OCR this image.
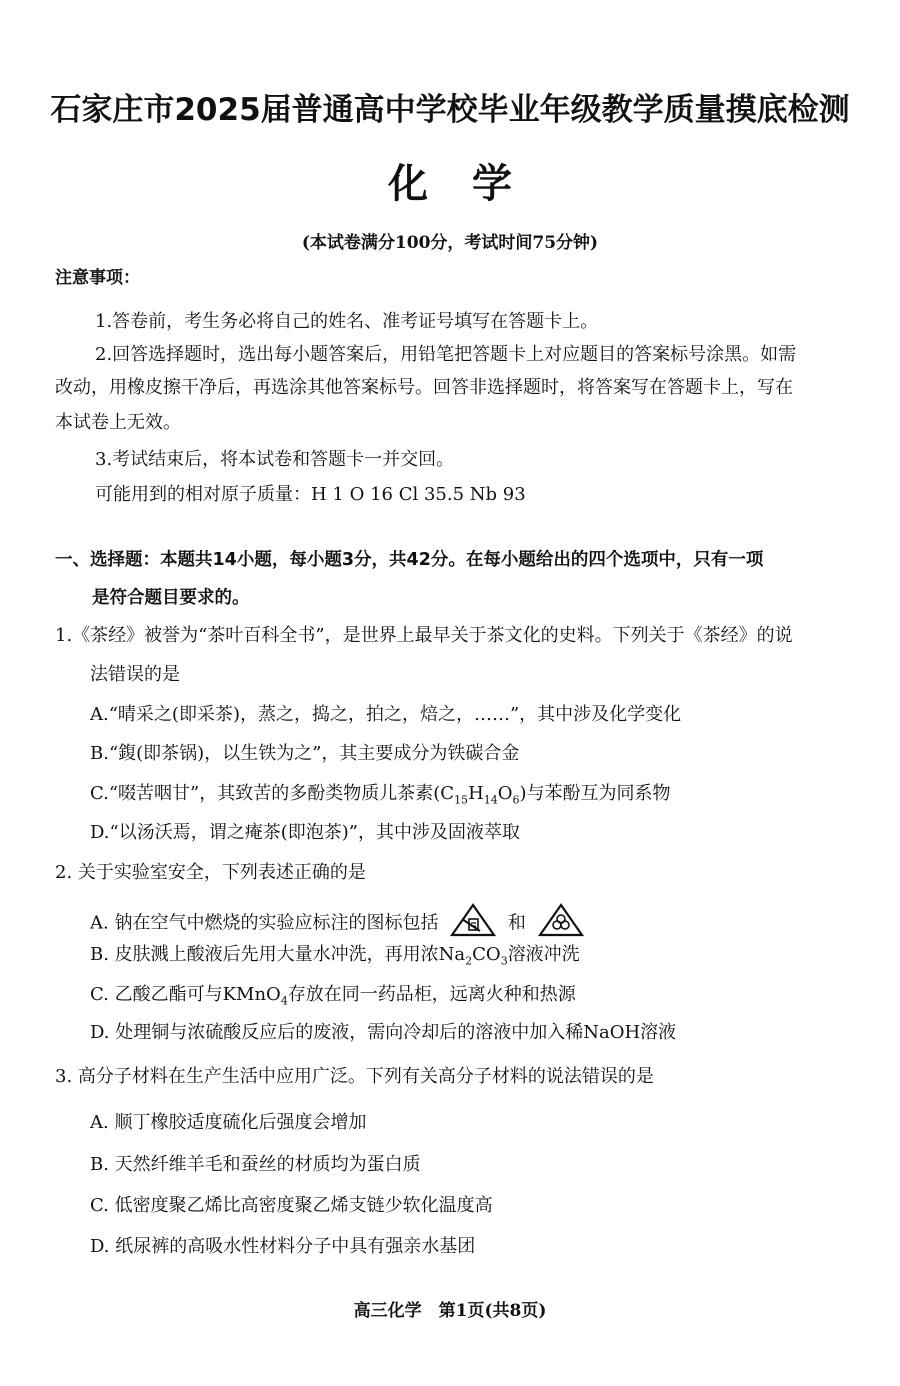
石家庄市2025届普通高中学校毕业年级教学质量摸底检测
化学
(本试卷满分100分，考试时间75分钟)
注意事项：
1.答卷前，考生务必将自己的姓名、准考证号填写在答题卡上。
2.回答选择题时，选出每小题答案后，用铅笔把答题卡上对应题目的答案标号涂黑。如需
改动，用橡皮擦干净后，再选涂其他答案标号。回答非选择题时，将答案写在答题卡上，写在
本试卷上无效。
3.考试结束后，将本试卷和答题卡一并交回。
可能用到的相对原子质量：H 1 O 16 Cl 35.5 Nb 93
一、选择题：本题共14小题，每小题3分，共42分。在每小题给出的四个选项中，只有一项
是符合题目要求的。
1.《茶经》被誉为“茶叶百科全书”，是世界上最早关于茶文化的史料。下列关于《茶经》的说
法错误的是
A.“晴采之(即采茶)，蒸之，捣之，拍之，焙之，……”，其中涉及化学变化
B.“鍑(即茶锅)，以生铁为之”，其主要成分为铁碳合金
C.“啜苦咽甘”，其致苦的多酚类物质儿茶素$(C_{15}H_{14}O_6)$与苯酚互为同系物
D.“以汤沃焉，谓之痷茶(即泡茶)”，其中涉及固液萃取
2. 关于实验室安全，下列表述正确的是
A. 钠在空气中燃烧的实验应标注的图标包括	和
B. 皮肤溅上酸液后先用大量水冲洗，再用浓$Na_2CO_3$溶液冲洗
C. 乙酸乙酯可与KMnO$_4$存放在同一药品柜，远离火种和热源
D. 处理铜与浓硫酸反应后的废液，需向冷却后的溶液中加入稀NaOH溶液
3. 高分子材料在生产生活中应用广泛。下列有关高分子材料的说法错误的是
A. 顺丁橡胶适度硫化后强度会增加
B. 天然纤维羊毛和蚕丝的材质均为蛋白质
C. 低密度聚乙烯比高密度聚乙烯支链少软化温度高
D. 纸尿裤的高吸水性材料分子中具有强亲水基团
高三化学　第1页(共8页)
